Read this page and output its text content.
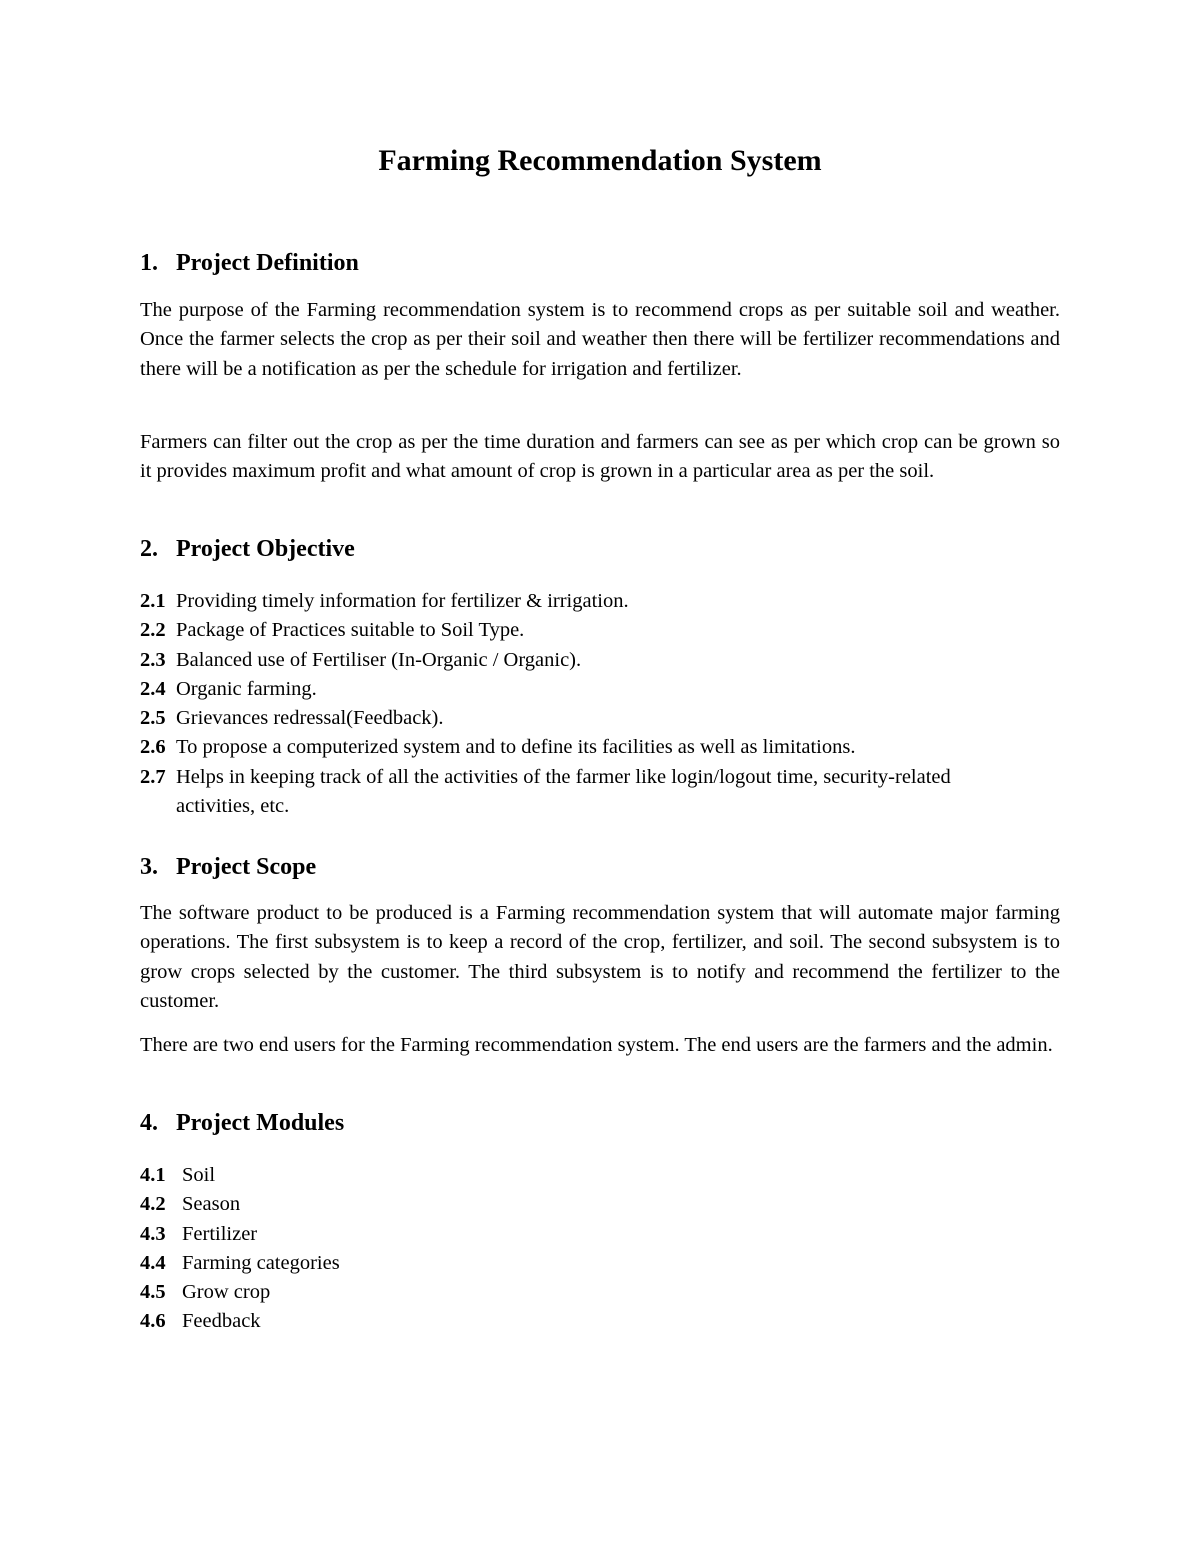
Farming Recommendation System
1. Project Definition

The purpose of the Farming recommendation system is to recommend crops as per suitable soil and weather. Once the farmer selects the crop as per their soil and weather then there will be fertilizer recommendations and there will be a notification as per the schedule for irrigation and fertilizer.

Farmers can filter out the crop as per the time duration and farmers can see as per which crop can be grown so it provides maximum profit and what amount of crop is grown in a particular area as per the soil.

2. Project Objective
2.1 Providing timely information for fertilizer & irrigation.
2.2 Package of Practices suitable to Soil Type.
2.3 Balanced use of Fertiliser (In-Organic / Organic).
2.4 Organic farming.
2.5 Grievances redressal(Feedback).
2.6 To propose a computerized system and to define its facilities as well as limitations.
2.7 Helps in keeping track of all the activities of the farmer like login/logout time, security-related activities, etc.
3. Project Scope

The software product to be produced is a Farming recommendation system that will automate major farming operations. The first subsystem is to keep a record of the crop, fertilizer, and soil. The second subsystem is to grow crops selected by the customer. The third subsystem is to notify and recommend the fertilizer to the customer.

There are two end users for the Farming recommendation system. The end users are the farmers and the admin.

4. Project Modules
4.1 Soil
4.2 Season
4.3 Fertilizer
4.4 Farming categories
4.5 Grow crop
4.6 Feedback
